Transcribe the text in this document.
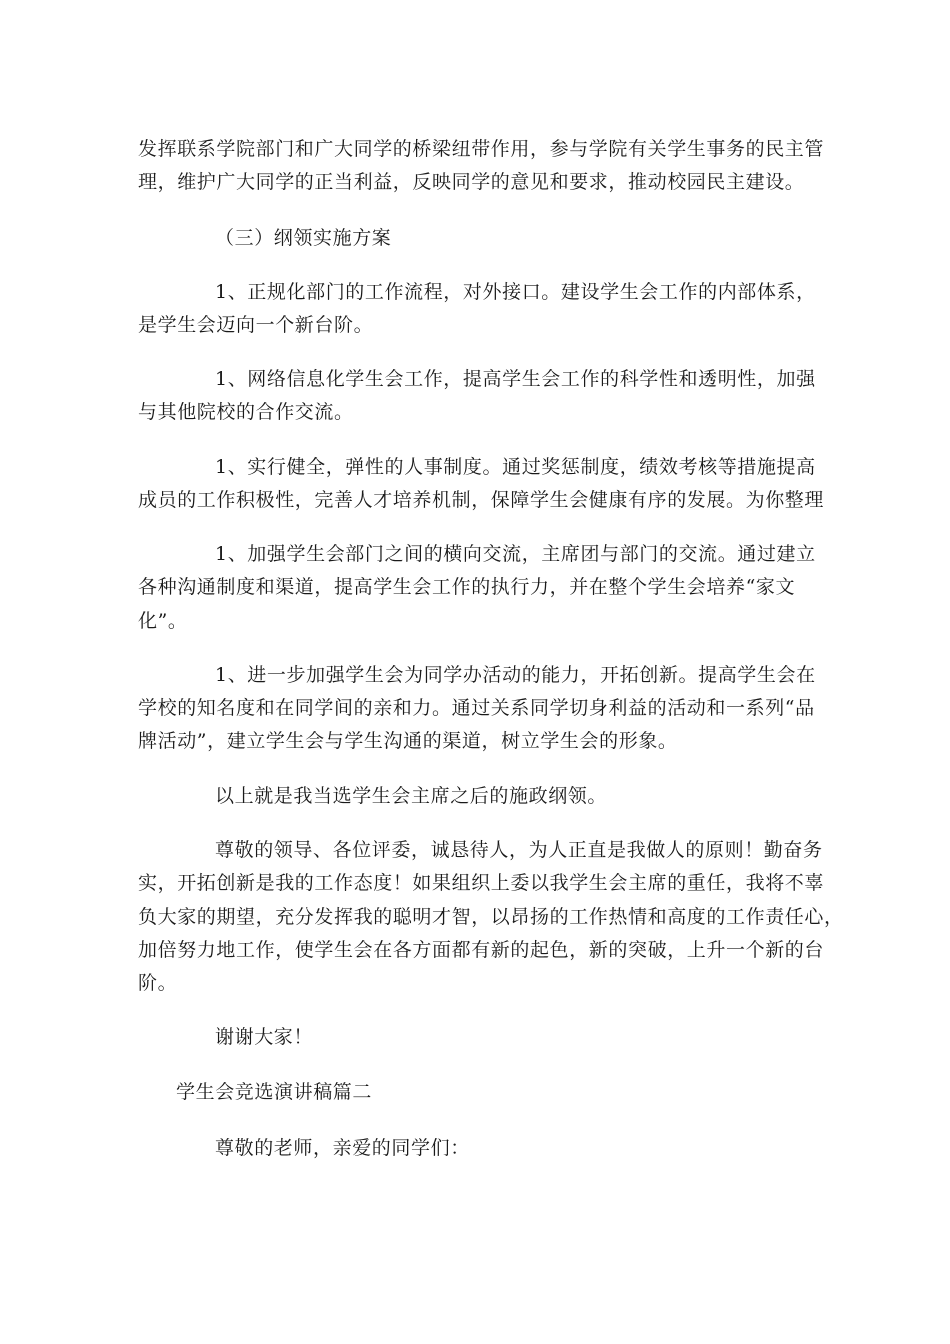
发挥联系学院部门和广大同学的桥梁纽带作用，参与学院有关学生事务的民主管
理，维护广大同学的正当利益，反映同学的意见和要求，推动校园民主建设。
（三）纲领实施方案
1、正规化部门的工作流程，对外接口。建设学生会工作的内部体系，
是学生会迈向一个新台阶。
1、网络信息化学生会工作，提高学生会工作的科学性和透明性，加强
与其他院校的合作交流。
1、实行健全，弹性的人事制度。通过奖惩制度，绩效考核等措施提高
成员的工作积极性，完善人才培养机制，保障学生会健康有序的发展。为你整理
1、加强学生会部门之间的横向交流，主席团与部门的交流。通过建立
各种沟通制度和渠道，提高学生会工作的执行力，并在整个学生会培养“家文
化”。
1、进一步加强学生会为同学办活动的能力，开拓创新。提高学生会在
学校的知名度和在同学间的亲和力。通过关系同学切身利益的活动和一系列“品
牌活动”，建立学生会与学生沟通的渠道，树立学生会的形象。
以上就是我当选学生会主席之后的施政纲领。
尊敬的领导、各位评委，诚恳待人，为人正直是我做人的原则！勤奋务
实，开拓创新是我的工作态度！如果组织上委以我学生会主席的重任，我将不辜
负大家的期望，充分发挥我的聪明才智，以昂扬的工作热情和高度的工作责任心，
加倍努力地工作，使学生会在各方面都有新的起色，新的突破，上升一个新的台
阶。
谢谢大家！
学生会竞选演讲稿篇二
尊敬的老师，亲爱的同学们：
